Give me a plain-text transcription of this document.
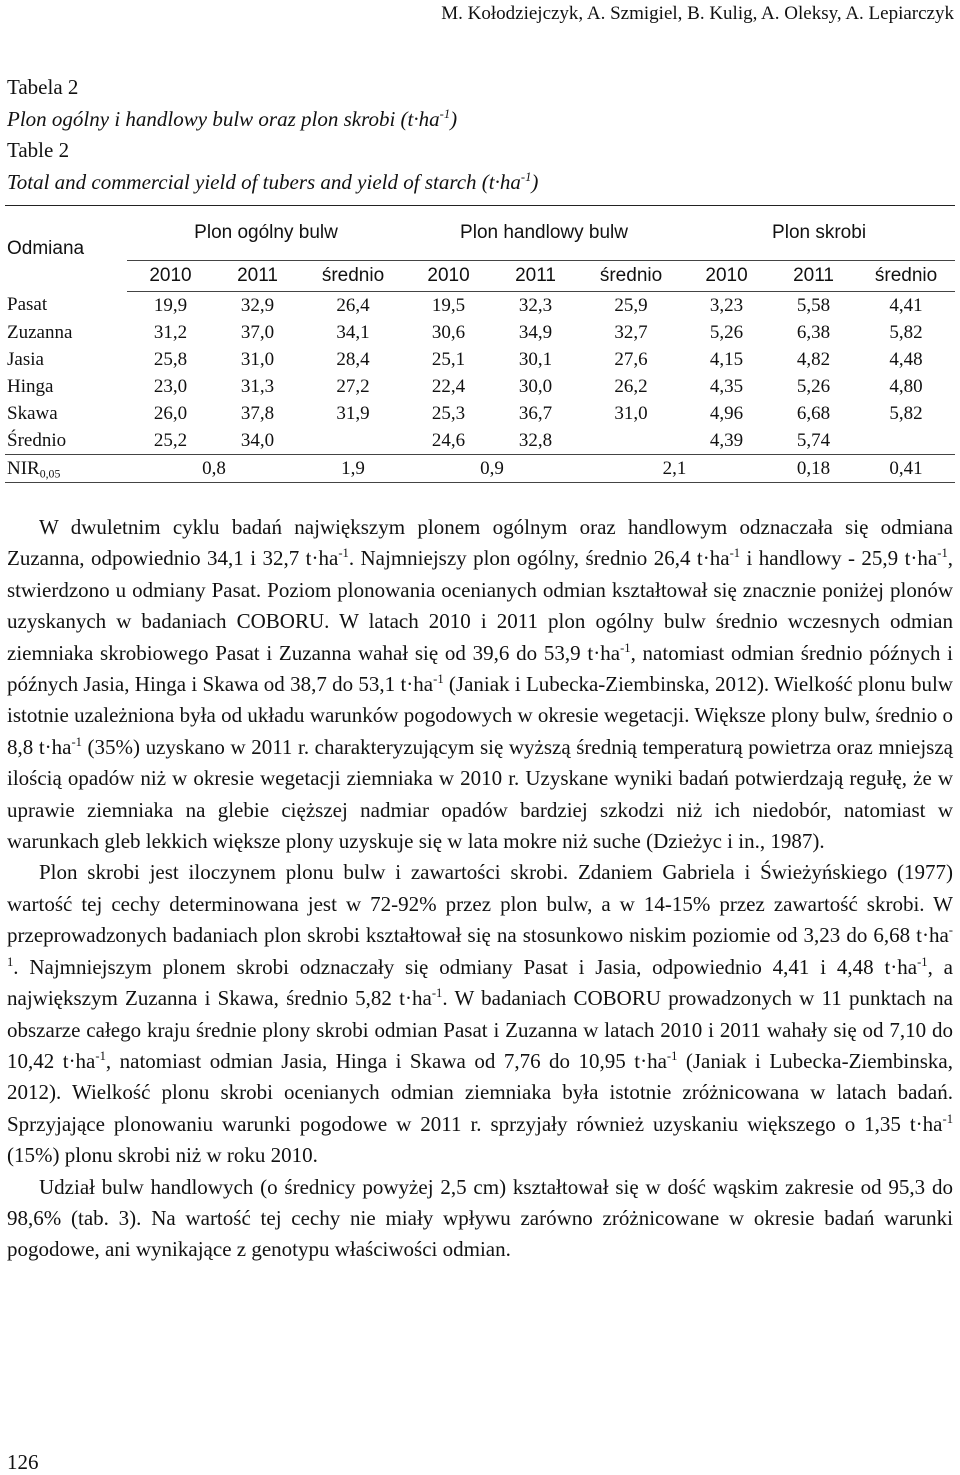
M. Kołodziejczyk, A. Szmigiel, B. Kulig, A. Oleksy, A. Lepiarczyk
Tabela 2
Plon ogólny i handlowy bulw oraz plon skrobi $(t\cdot ha^{-1})$
Table 2
Total and commercial yield of tubers and yield of starch $(t\cdot ha^{-1})$
Odmiana	Plon ogólny bulw			Plon handlowy bulw			Plon skrobi		
	2010	2011	średnio	2010	2011	średnio	2010	2011	średnio
Pasat	19,9	32,9	26,4	19,5	32,3	25,9	3,23	5,58	4,41
Zuzanna	31,2	37,0	34,1	30,6	34,9	32,7	5,26	6,38	5,82
Jasia	25,8	31,0	28,4	25,1	30,1	27,6	4,15	4,82	4,48
Hinga	23,0	31,3	27,2	22,4	30,0	26,2	4,35	5,26	4,80
Skawa	26,0	37,8	31,9	25,3	36,7	31,0	4,96	6,68	5,82
Średnio	25,2	34,0		24,6	32,8		4,39	5,74	
$NIR_{0,05}$	0,8		1,9	0,9		2,1		0,18	0,41

W dwuletnim cyklu badań największym plonem ogólnym oraz handlowym odznaczała się odmiana Zuzanna, odpowiednio 34,1 i 32,7 $t\cdot ha^{-1}$. Najmniejszy plon ogólny, średnio 26,4 $t\cdot ha^{-1}$ i handlowy - 25,9 $t\cdot ha^{-1}$, stwierdzono u odmiany Pasat. Poziom plonowania ocenianych odmian kształtował się znacznie poniżej plonów uzyskanych w badaniach COBORU. W latach 2010 i 2011 plon ogólny bulw średnio wczesnych odmian ziemniaka skrobiowego Pasat i Zuzanna wahał się od 39,6 do 53,9 $t\cdot ha^{-1}$, natomiast odmian średnio późnych i późnych Jasia, Hinga i Skawa od 38,7 do 53,1 $t\cdot ha^{-1}$ (Janiak i Lubecka-Ziembinska, 2012). Wielkość plonu bulw istotnie uzależniona była od układu warunków pogodowych w okresie wegetacji. Większe plony bulw, średnio o 8,8 $t\cdot ha^{-1}$ (35%) uzyskano w 2011 r. charakteryzującym się wyższą średnią temperaturą powietrza oraz mniejszą ilością opadów niż w okresie wegetacji ziemniaka w 2010 r. Uzyskane wyniki badań potwierdzają regułę, że w uprawie ziemniaka na glebie cięższej nadmiar opadów bardziej szkodzi niż ich niedobór, natomiast w warunkach gleb lekkich większe plony uzyskuje się w lata mokre niż suche (Dzieżyc i in., 1987).

Plon skrobi jest iloczynem plonu bulw i zawartości skrobi. Zdaniem Gabriela i Świeżyńskiego (1977) wartość tej cechy determinowana jest w 72-92% przez plon bulw, a w 14-15% przez zawartość skrobi. W przeprowadzonych badaniach plon skrobi kształtował się na stosunkowo niskim poziomie od 3,23 do 6,68 $t\cdot ha^{-1}$. Najmniejszym plonem skrobi odznaczały się odmiany Pasat i Jasia, odpowiednio 4,41 i 4,48 $t\cdot ha^{-1}$, a największym Zuzanna i Skawa, średnio 5,82 $t\cdot ha^{-1}$. W badaniach COBORU prowadzonych w 11 punktach na obszarze całego kraju średnie plony skrobi odmian Pasat i Zuzanna w latach 2010 i 2011 wahały się od 7,10 do 10,42 $t\cdot ha^{-1}$, natomiast odmian Jasia, Hinga i Skawa od 7,76 do 10,95 $t\cdot ha^{-1}$ (Janiak i Lubecka-Ziembinska, 2012). Wielkość plonu skrobi ocenianych odmian ziemniaka była istotnie zróżnicowana w latach badań. Sprzyjające plonowaniu warunki pogodowe w 2011 r. sprzyjały również uzyskaniu większego o 1,35 $t\cdot ha^{-1}$ (15%) plonu skrobi niż w roku 2010.

Udział bulw handlowych (o średnicy powyżej 2,5 cm) kształtował się w dość wąskim zakresie od 95,3 do 98,6% (tab. 3). Na wartość tej cechy nie miały wpływu zarówno zróżnicowane w okresie badań warunki pogodowe, ani wynikające z genotypu właściwości odmian.

126
